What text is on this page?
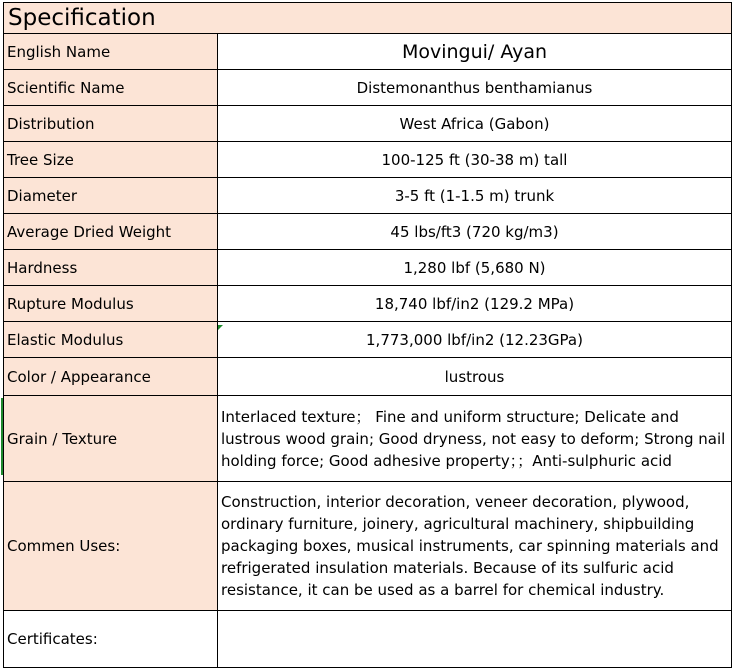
Specification	
English Name	Movingui/ Ayan
Scientific Name	Distemonanthus benthamianus
Distribution	West Africa (Gabon)
Tree Size	100-125 ft (30-38 m) tall
Diameter	3-5 ft (1-1.5 m) trunk
Average Dried Weight	45 lbs/ft3 (720 kg/m3)
Hardness	1,280 lbf (5,680 N)
Rupture Modulus	18,740 lbf/in2 (129.2 MPa)
Elastic Modulus	1,773,000 lbf/in2 (12.23GPa)
Color / Appearance	lustrous
Grain / Texture	Interlaced texture； Fine and uniform structure; Delicate and lustrous wood grain; Good dryness, not easy to deform; Strong nail holding force; Good adhesive property；；Anti-sulphuric acid
Commen Uses:	Construction, interior decoration, veneer decoration, plywood, ordinary furniture, joinery, agricultural machinery, shipbuilding packaging boxes, musical instruments, car spinning materials and refrigerated insulation materials. Because of its sulfuric acid resistance, it can be used as a barrel for chemical industry.
Certificates:	
